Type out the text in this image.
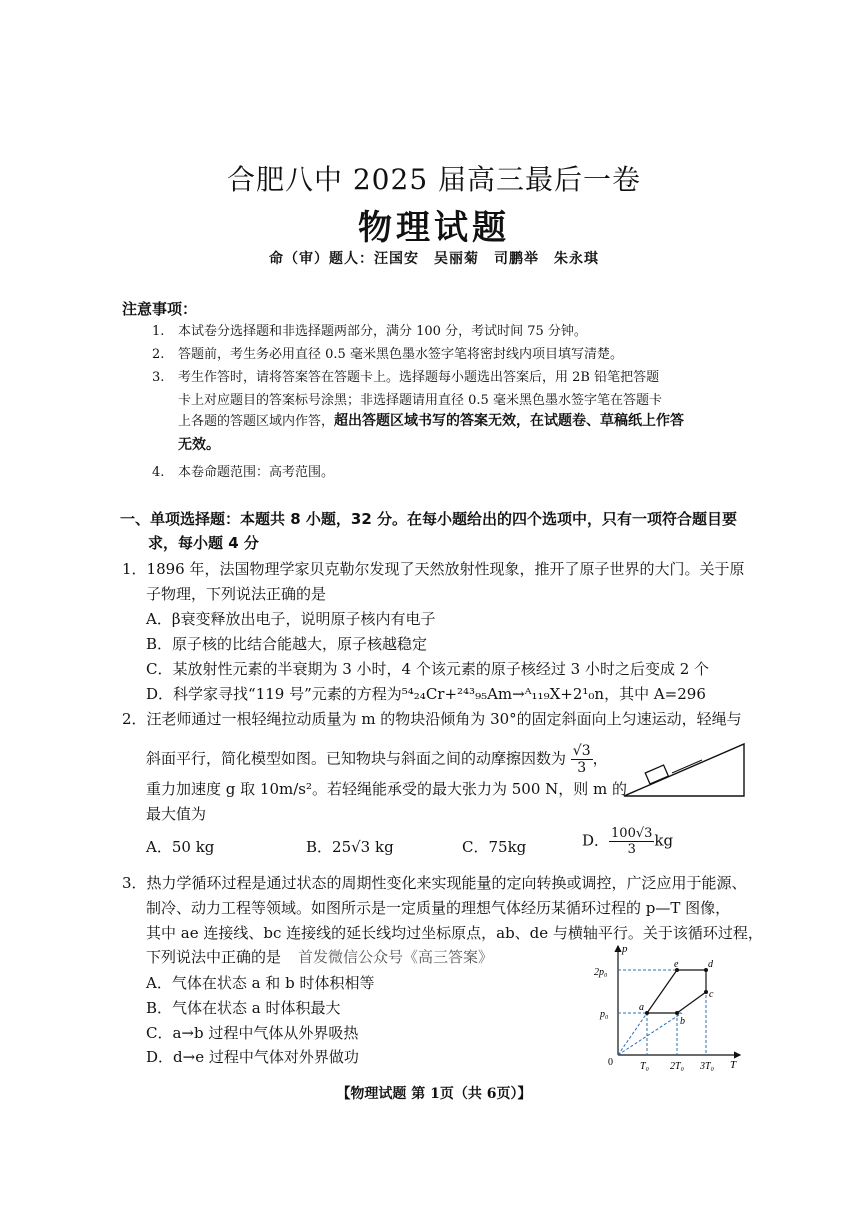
合肥八中 2025 届高三最后一卷
物理试题
命（审）题人：汪国安　吴丽菊　司鹏举　朱永琪
注意事项：
1. 本试卷分选择题和非选择题两部分，满分 100 分，考试时间 75 分钟。
2. 答题前，考生务必用直径 0.5 毫米黑色墨水签字笔将密封线内项目填写清楚。
3. 考生作答时，请将答案答在答题卡上。选择题每小题选出答案后，用 2B 铅笔把答题
卡上对应题目的答案标号涂黑；非选择题请用直径 0.5 毫米黑色墨水签字笔在答题卡
上各题的答题区域内作答，超出答题区域书写的答案无效，在试题卷、草稿纸上作答
无效。
4. 本卷命题范围：高考范围。
一、单项选择题：本题共 8 小题，32 分。在每小题给出的四个选项中，只有一项符合题目要
求，每小题 4 分
1．1896 年，法国物理学家贝克勒尔发现了天然放射性现象，推开了原子世界的大门。关于原
子物理，下列说法正确的是
A．β衰变释放出电子，说明原子核内有电子
B．原子核的比结合能越大，原子核越稳定
C．某放射性元素的半衰期为 3 小时，4 个该元素的原子核经过 3 小时之后变成 2 个
D．科学家寻找“119 号”元素的方程为⁵⁴₂₄Cr+²⁴³₉₅Am→ᴬ₁₁₉X+2¹₀n，其中 A=296
2．汪老师通过一根轻绳拉动质量为 m 的物块沿倾角为 30°的固定斜面向上匀速运动，轻绳与
斜面平行，简化模型如图。已知物块与斜面之间的动摩擦因数为 $\frac{√3}{3}$ ，
重力加速度 g 取 10m/s²。若轻绳能承受的最大张力为 500 N，则 m 的
最大值为
A．50 kg	B．25√3 kg	C．75kg	D． $\frac{100√3}{3}$ kg
3．热力学循环过程是通过状态的周期性变化来实现能量的定向转换或调控，广泛应用于能源、
制冷、动力工程等领域。如图所示是一定质量的理想气体经历某循环过程的 p—T 图像，
其中 ae 连接线、bc 连接线的延长线均过坐标原点，ab、de 与横轴平行。关于该循环过程，
下列说法中正确的是 首发微信公众号《高三答案》
A．气体在状态 a 和 b 时体积相等
B．气体在状态 a 时体积最大
C．a→b 过程中气体从外界吸热
D．d→e 过程中气体对外界做功
p
T
0
2p₀
p₀
T₀ 2T₀ 3T₀
a
b
c
d
e
【物理试题 第 1页（共 6页）】
